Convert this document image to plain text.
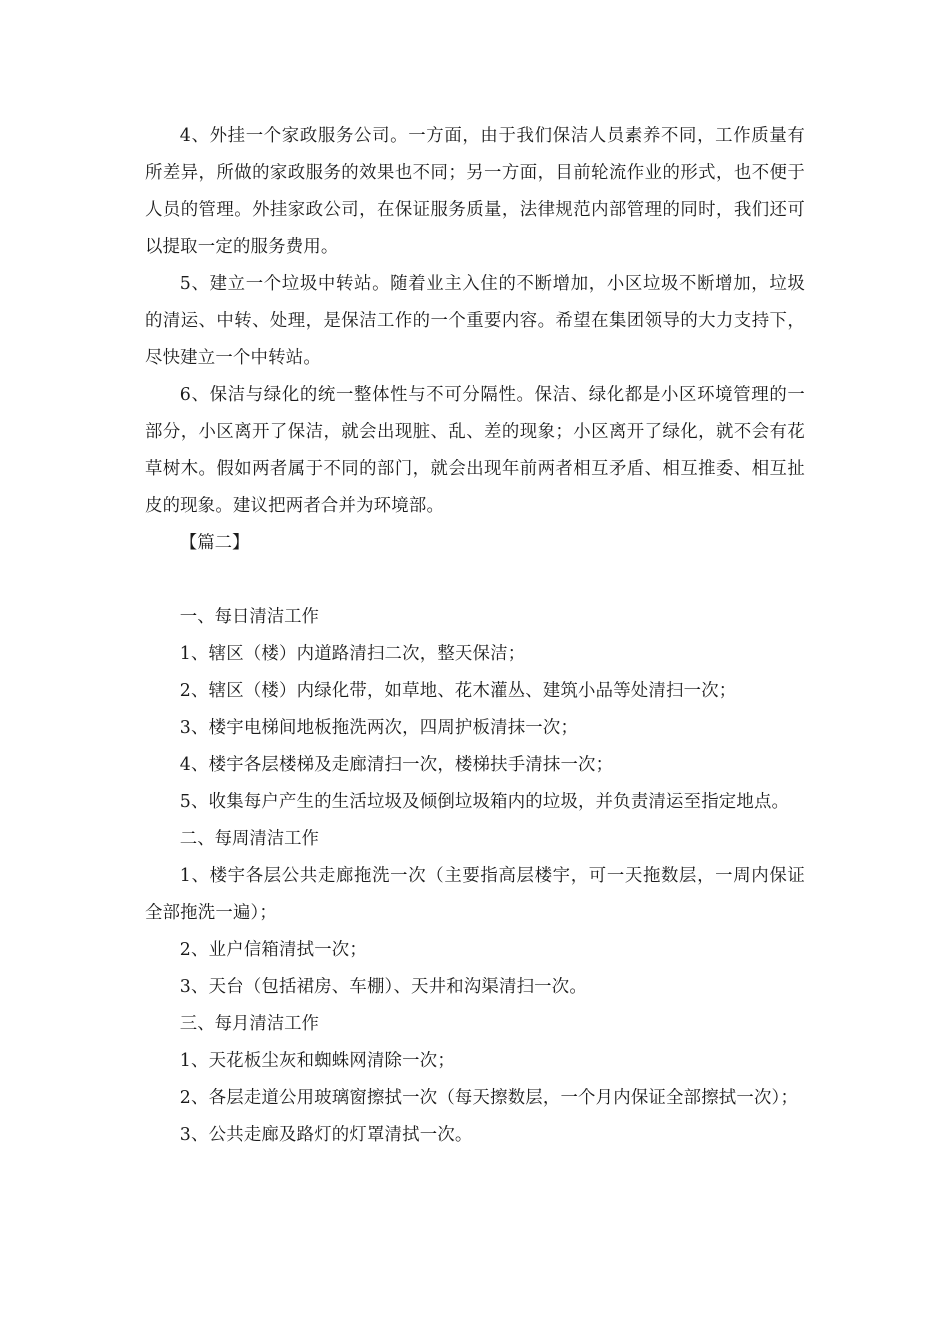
4、外挂一个家政服务公司。一方面，由于我们保洁人员素养不同，工作质量有所差异，所做的家政服务的效果也不同；另一方面，目前轮流作业的形式，也不便于人员的管理。外挂家政公司，在保证服务质量，法律规范内部管理的同时，我们还可以提取一定的服务费用。

5、建立一个垃圾中转站。随着业主入住的不断增加，小区垃圾不断增加，垃圾的清运、中转、处理，是保洁工作的一个重要内容。希望在集团领导的大力支持下，尽快建立一个中转站。

6、保洁与绿化的统一整体性与不可分隔性。保洁、绿化都是小区环境管理的一部分，小区离开了保洁，就会出现脏、乱、差的现象；小区离开了绿化，就不会有花草树木。假如两者属于不同的部门，就会出现年前两者相互矛盾、相互推委、相互扯皮的现象。建议把两者合并为环境部。

【篇二】

一、每日清洁工作

1、辖区（楼）内道路清扫二次，整天保洁；

2、辖区（楼）内绿化带，如草地、花木灌丛、建筑小品等处清扫一次；

3、楼宇电梯间地板拖洗两次，四周护板清抹一次；

4、楼宇各层楼梯及走廊清扫一次，楼梯扶手清抹一次；

5、收集每户产生的生活垃圾及倾倒垃圾箱内的垃圾，并负责清运至指定地点。

二、每周清洁工作

1、楼宇各层公共走廊拖洗一次（主要指高层楼宇，可一天拖数层，一周内保证全部拖洗一遍）；

2、业户信箱清拭一次；

3、天台（包括裙房、车棚）、天井和沟渠清扫一次。

三、每月清洁工作

1、天花板尘灰和蜘蛛网清除一次；

2、各层走道公用玻璃窗擦拭一次（每天擦数层，一个月内保证全部擦拭一次）；

3、公共走廊及路灯的灯罩清拭一次。
